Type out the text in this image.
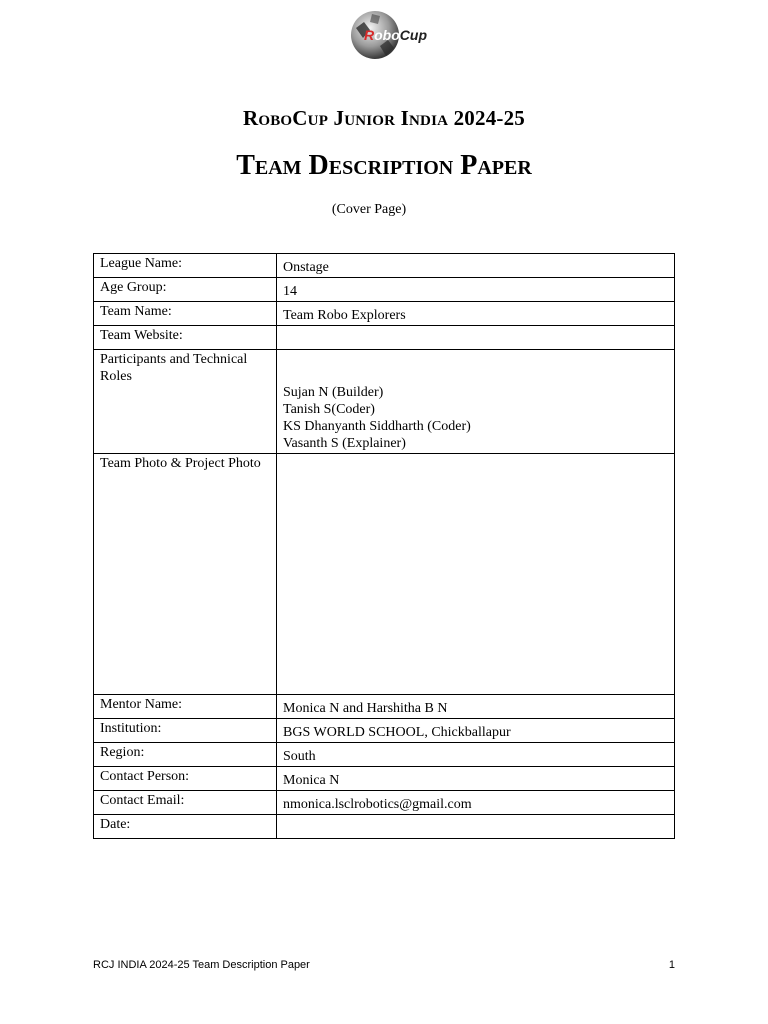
RoboCup
RoboCup Junior India 2024-25
Team Description Paper
(Cover Page)
League Name:	Onstage
Age Group:	14
Team Name:	Team Robo Explorers
Team Website:	
Participants and Technical Roles	Sujan N (Builder)
Tanish S(Coder)
KS Dhanyanth Siddharth (Coder)
Vasanth S (Explainer)

Team Photo & Project Photo	
Mentor Name:	Monica N and Harshitha B N
Institution:	BGS WORLD SCHOOL, Chickballapur
Region:	South
Contact Person:	Monica N
Contact Email:	nmonica.lsclrobotics@gmail.com
Date:	
RCJ INDIA 2024-25 Team Description Paper	1
